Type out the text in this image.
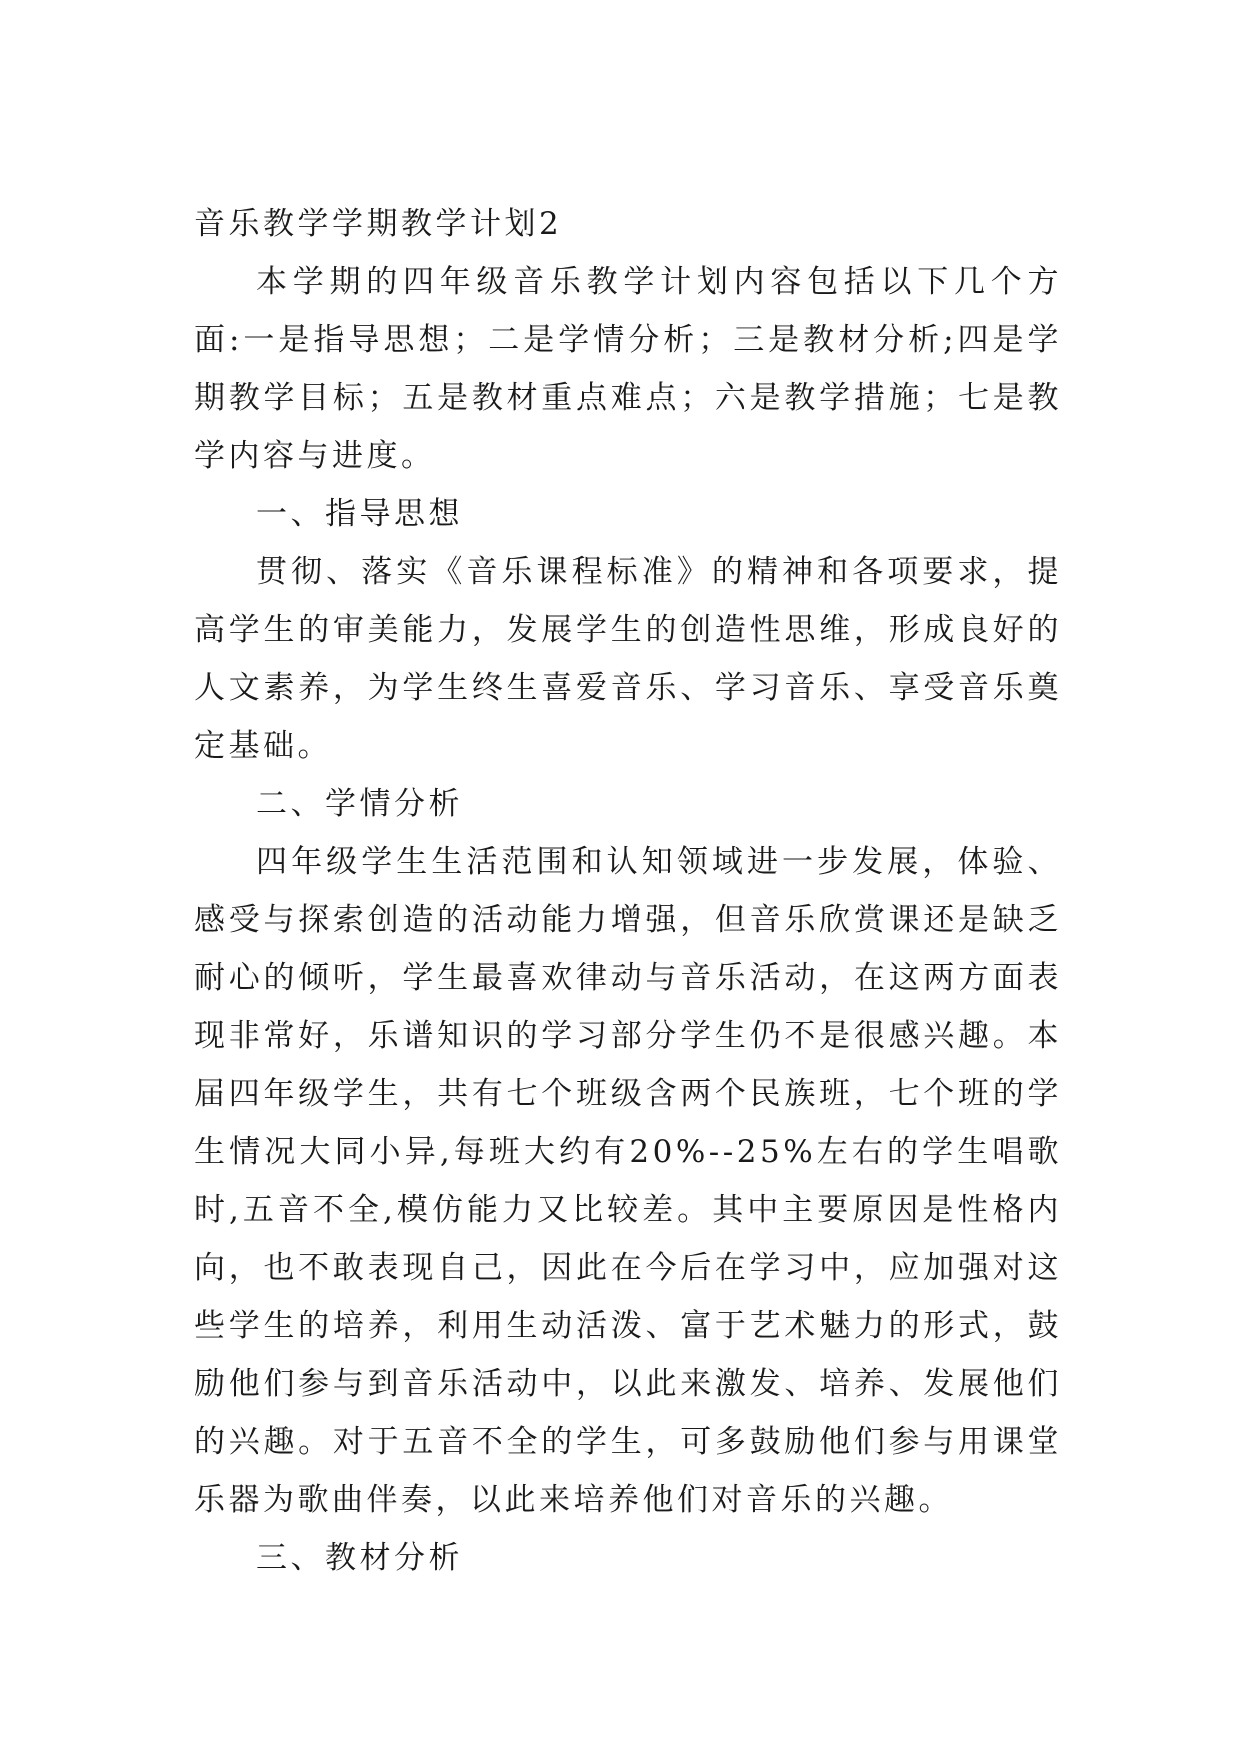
音乐教学学期教学计划2

本学期的四年级音乐教学计划内容包括以下几个方面:一是指导思想；二是学情分析；三是教材分析;四是学期教学目标；五是教材重点难点；六是教学措施；七是教学内容与进度。

一、指导思想

贯彻、落实《音乐课程标准》的精神和各项要求，提高学生的审美能力，发展学生的创造性思维，形成良好的人文素养，为学生终生喜爱音乐、学习音乐、享受音乐奠定基础。

二、学情分析

四年级学生生活范围和认知领域进一步发展，体验、感受与探索创造的活动能力增强，但音乐欣赏课还是缺乏耐心的倾听，学生最喜欢律动与音乐活动，在这两方面表现非常好，乐谱知识的学习部分学生仍不是很感兴趣。本届四年级学生，共有七个班级含两个民族班，七个班的学生情况大同小异,每班大约有20%--25%左右的学生唱歌时,五音不全,模仿能力又比较差。其中主要原因是性格内向，也不敢表现自己，因此在今后在学习中，应加强对这些学生的培养，利用生动活泼、富于艺术魅力的形式，鼓励他们参与到音乐活动中，以此来激发、培养、发展他们的兴趣。对于五音不全的学生，可多鼓励他们参与用课堂乐器为歌曲伴奏，以此来培养他们对音乐的兴趣。

三、教材分析
